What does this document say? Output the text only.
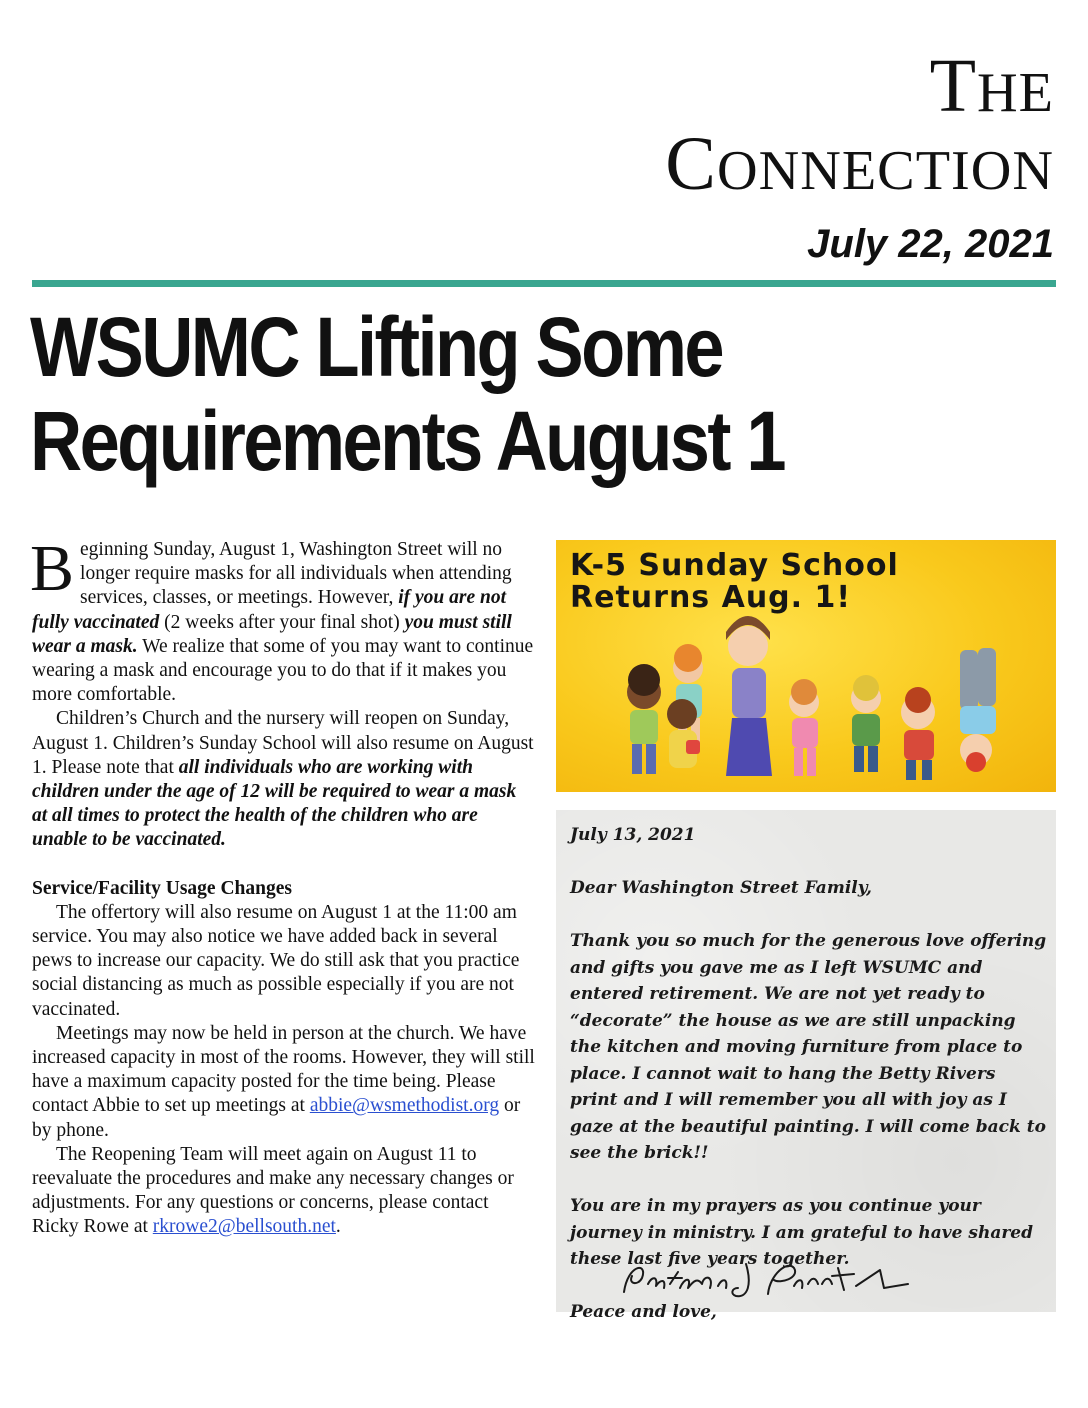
THE
CONNECTION
July 22, 2021
WSUMC Lifting Some
Requirements August 1

Beginning Sunday, August 1, Washington Street will no longer require masks for all individuals when attending services, classes, or meetings. However, if you are not fully vaccinated (2 weeks after your final shot) you must still wear a mask. We realize that some of you may want to continue wearing a mask and encourage you to do that if it makes you more comfortable.

Children’s Church and the nursery will reopen on Sunday, August 1. Children’s Sunday School will also resume on August 1. Please note that all individuals who are working with children under the age of 12 will be required to wear a mask at all times to protect the health of the children who are unable to be vaccinated.

Service/Facility Usage Changes

The offertory will also resume on August 1 at the 11:00 am service. You may also notice we have added back in several pews to increase our capacity. We do still ask that you practice social distancing as much as possible especially if you are not vaccinated.

Meetings may now be held in person at the church. We have increased capacity in most of the rooms. However, they will still have a maximum capacity posted for the time being. Please contact Abbie to set up meetings at abbie@wsmethodist.org or by phone.

The Reopening Team will meet again on August 11 to reevaluate the procedures and make any necessary changes or adjustments. For any questions or concerns, please contact Ricky Rowe at rkrowe2@bellsouth.net.

K-5 Sunday School
Returns Aug. 1!

July 13, 2021

Dear Washington Street Family,

Thank you so much for the generous love offering and gifts you gave me as I left WSUMC and entered retirement. We are not yet ready to “decorate” the house as we are still unpacking the kitchen and moving furniture from place to place. I cannot wait to hang the Betty Rivers print and I will remember you all with joy as I gaze at the beautiful painting. I will come back to see the brick!!

You are in my prayers as you continue your journey in ministry. I am grateful to have shared these last five years together.

Peace and love,
